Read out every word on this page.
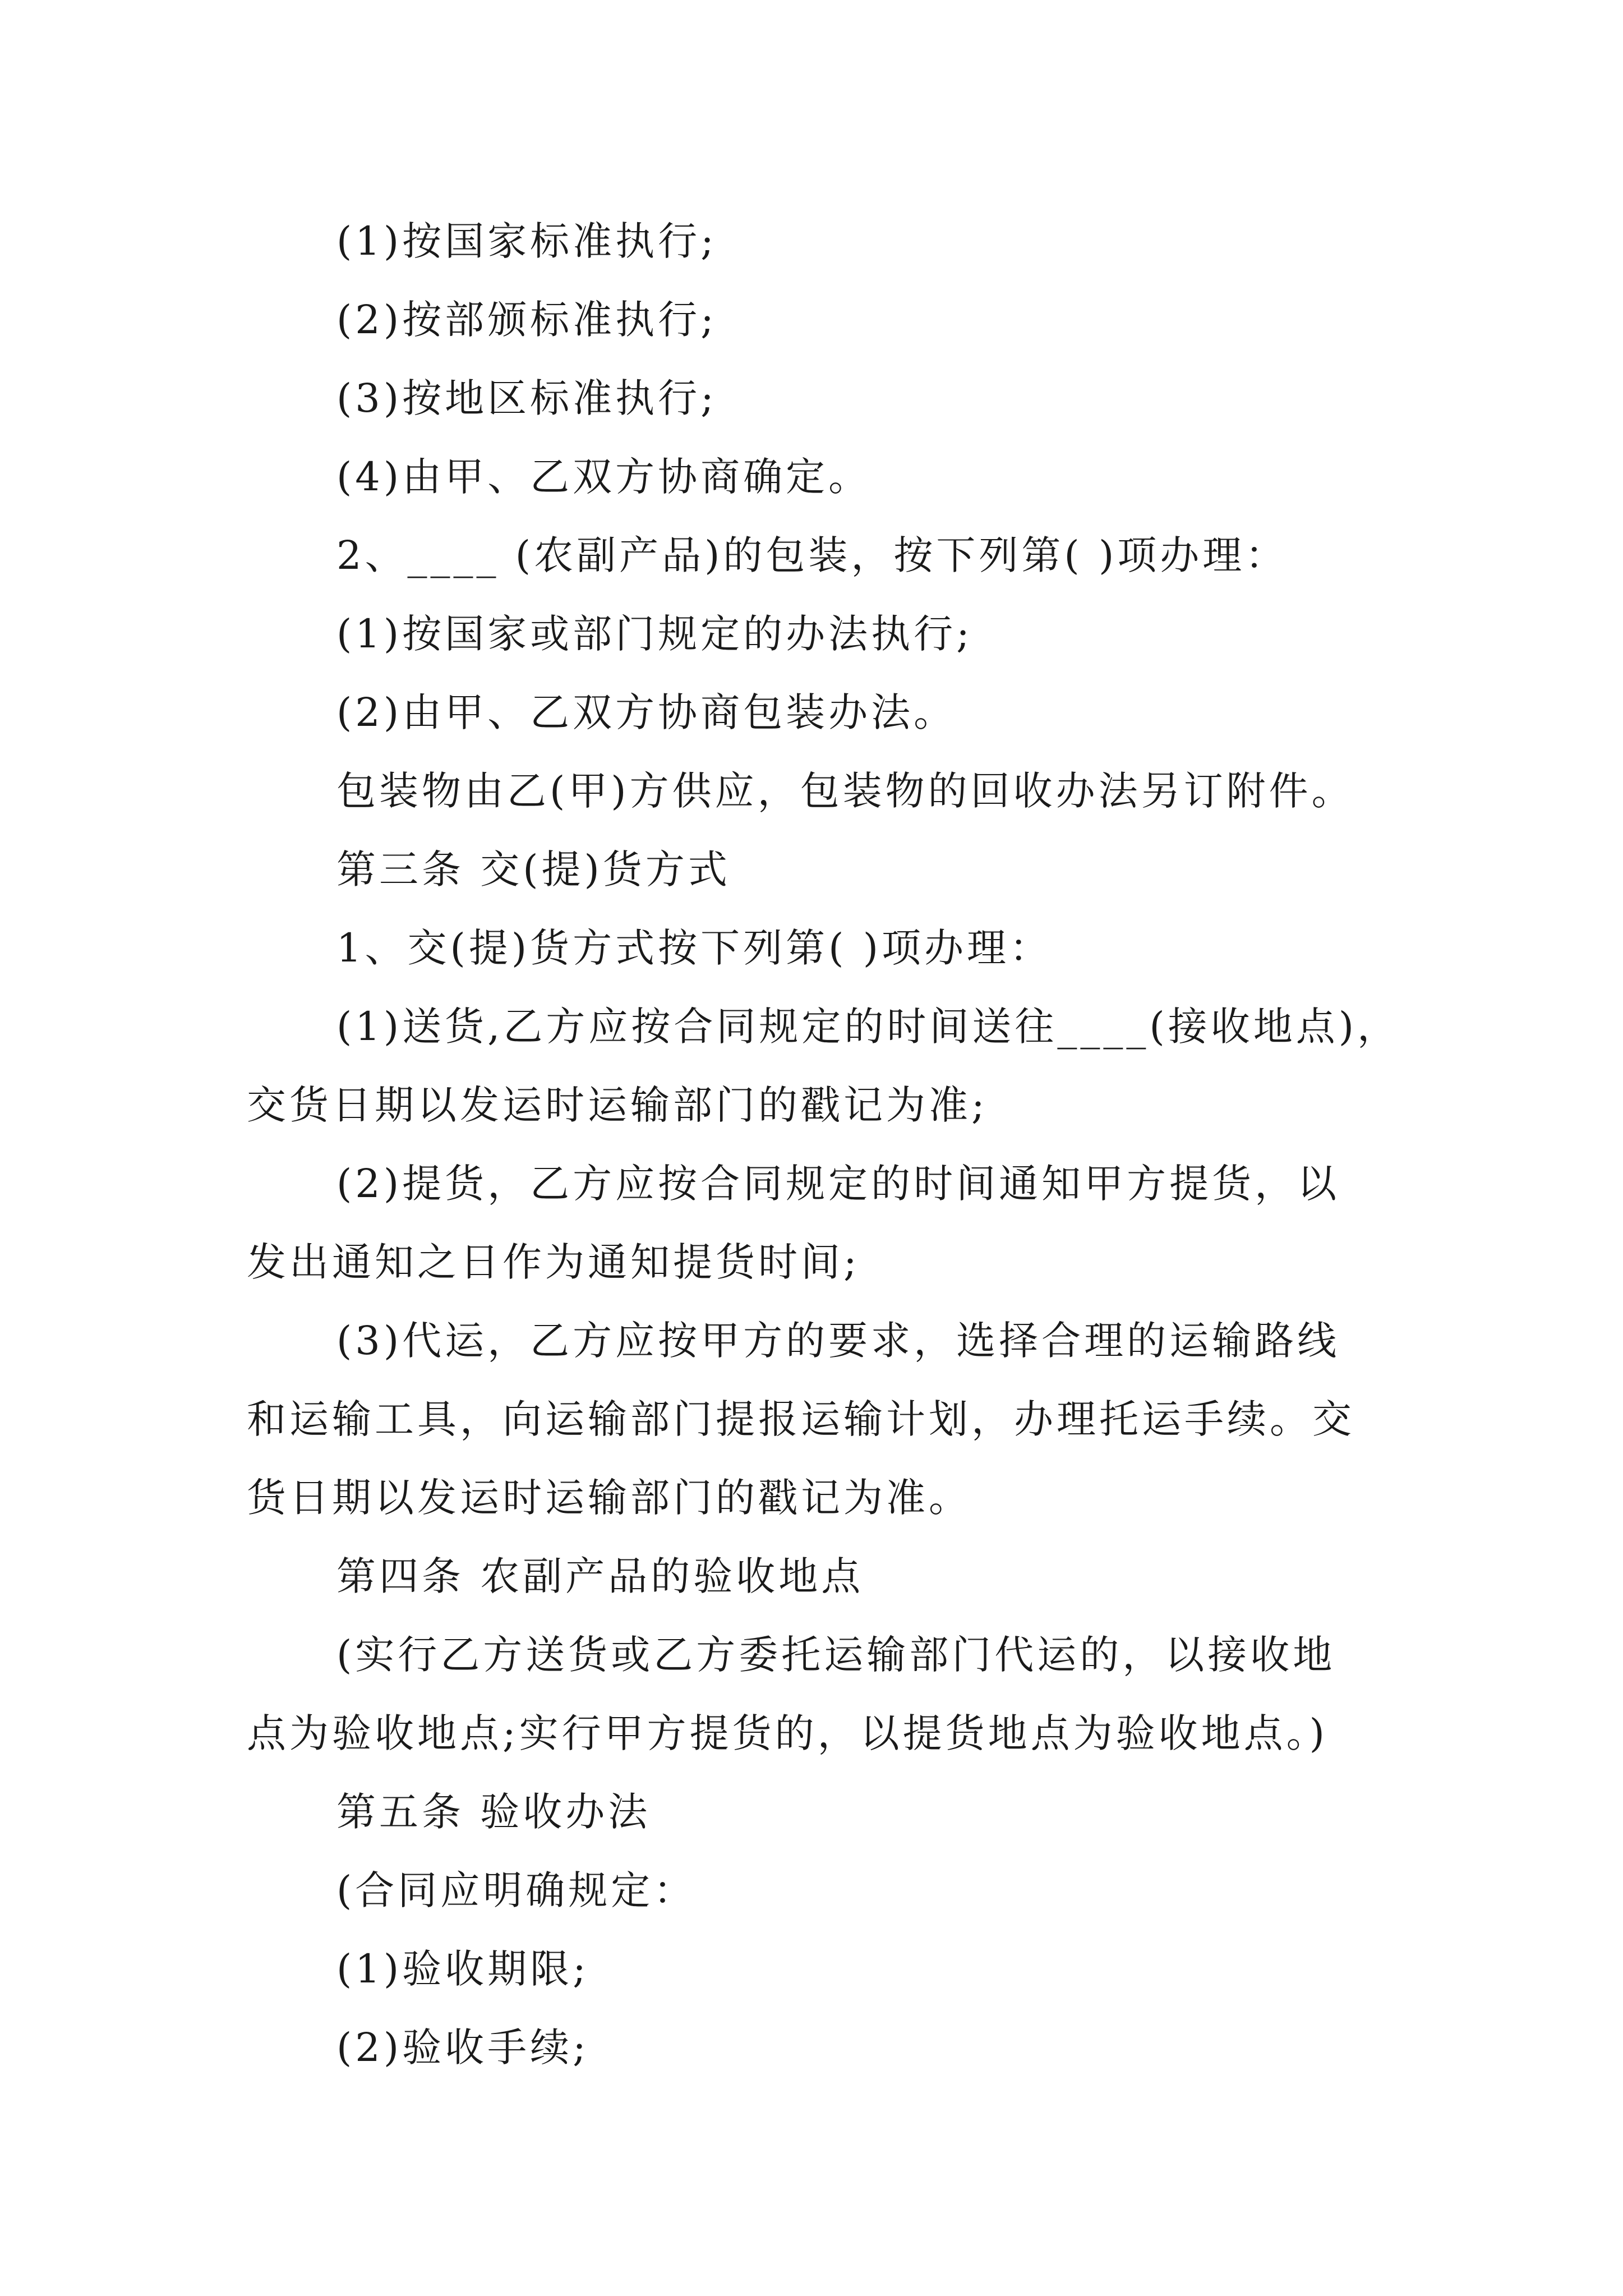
(1)按国家标准执行;
(2)按部颁标准执行;
(3)按地区标准执行;
(4)由甲、乙双方协商确定。
2、____ (农副产品)的包装，按下列第( )项办理：
(1)按国家或部门规定的办法执行;
(2)由甲、乙双方协商包装办法。
包装物由乙(甲)方供应，包装物的回收办法另订附件。
第三条 交(提)货方式
1、交(提)货方式按下列第( )项办理：
(1)送货,乙方应按合同规定的时间送往____(接收地点)，
交货日期以发运时运输部门的戳记为准;
(2)提货，乙方应按合同规定的时间通知甲方提货，以
发出通知之日作为通知提货时间;
(3)代运，乙方应按甲方的要求，选择合理的运输路线
和运输工具，向运输部门提报运输计划，办理托运手续。交
货日期以发运时运输部门的戳记为准。
第四条 农副产品的验收地点
(实行乙方送货或乙方委托运输部门代运的，以接收地
点为验收地点;实行甲方提货的，以提货地点为验收地点。)
第五条 验收办法
(合同应明确规定：
(1)验收期限;
(2)验收手续;
